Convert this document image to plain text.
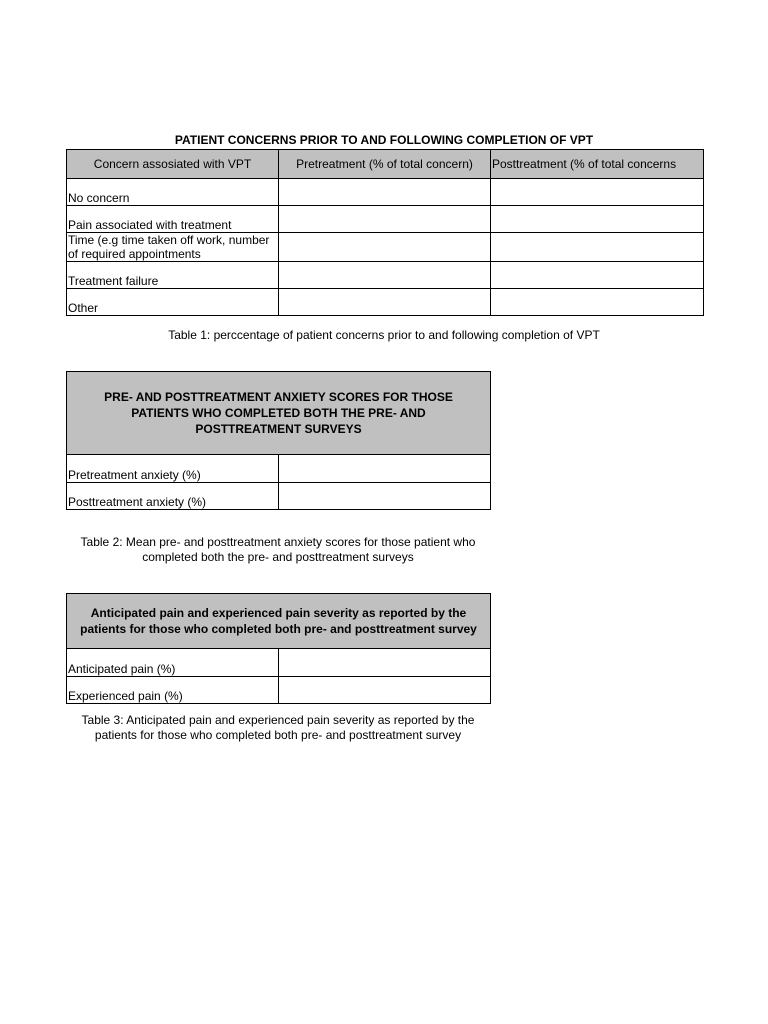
PATIENT CONCERNS PRIOR TO AND FOLLOWING COMPLETION OF VPT
Concern assosiated with VPT	Pretreatment (% of total concern)	Posttreatment (% of total concerns
No concern		
Pain associated with treatment		
Time (e.g time taken off work, number of required appointments		
Treatment failure		
Other		
Table 1: perccentage of patient concerns prior to and following completion of VPT
PRE- AND POSTTREATMENT ANXIETY SCORES FOR THOSE PATIENTS WHO COMPLETED BOTH THE PRE- AND POSTTREATMENT SURVEYS	
Pretreatment anxiety (%)	
Posttreatment anxiety (%)	
Table 2: Mean pre- and posttreatment anxiety scores for those patient who completed both the pre- and posttreatment surveys
Anticipated pain and experienced pain severity as reported by the patients for those who completed both pre- and posttreatment survey	
Anticipated pain (%)	
Experienced pain (%)	
Table 3: Anticipated pain and experienced pain severity as reported by the patients for those who completed both pre- and posttreatment survey
